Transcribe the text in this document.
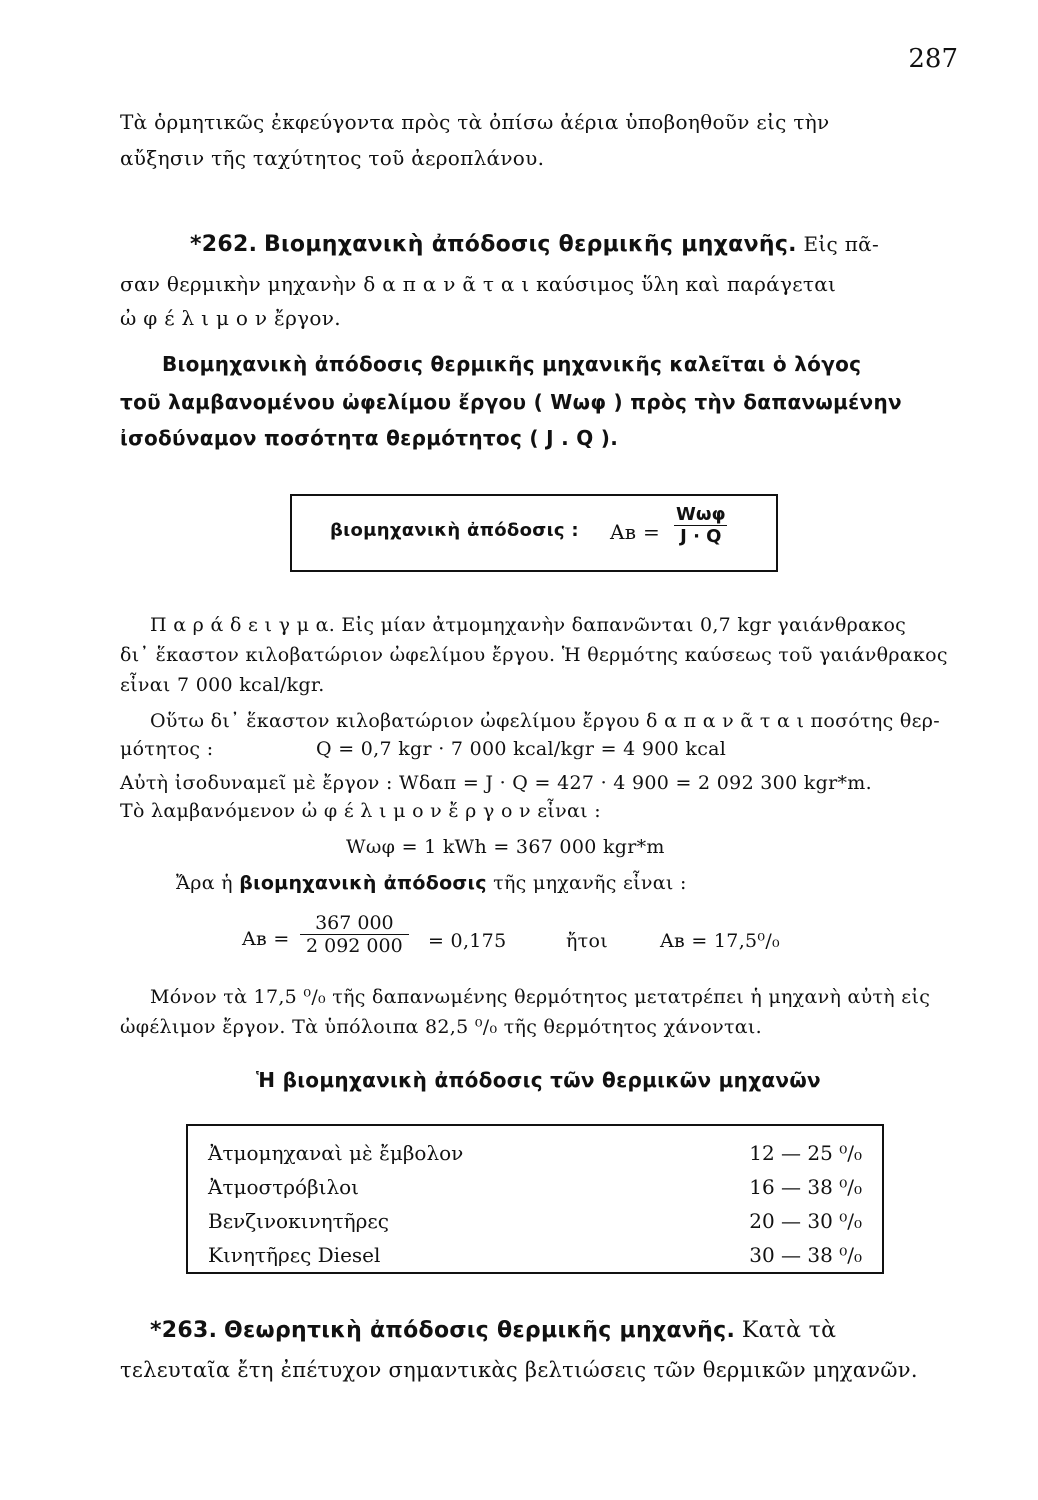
287
Τὰ ὁρμητικῶς ἐκφεύγοντα πρὸς τὰ ὀπίσω ἀέρια ὑποβοηθοῦν εἰς τὴν
αὔξησιν τῆς ταχύτητος τοῦ ἀεροπλάνου.
*262. Βιομηχανικὴ ἀπόδοσις θερμικῆς μηχανῆς. Εἰς πᾶ-
σαν θερμικὴν μηχανὴν δ α π α ν ᾶ τ α ι καύσιμος ὕλη καὶ παράγεται
ὠ φ έ λ ι μ ο ν ἔργον.
Βιομηχανικὴ ἀπόδοσις θερμικῆς μηχανικῆς καλεῖται ὁ λόγος
τοῦ λαμβανομένου ὠφελίμου ἔργου ( Wωφ ) πρὸς τὴν δαπανωμένην
ἰσοδύναμον ποσότητα θερμότητος ( J . Q ).
βιομηχανικὴ ἀπόδοσις : Aв =
Wωφ
J · Q
Π α ρ ά δ ε ι γ μ α. Εἰς μίαν ἀτμομηχανὴν δαπανῶνται 0,7 kgr γαιάνθρακος
δι᾿ ἕκαστον κιλοβατώριον ὠφελίμου ἔργου. Ἡ θερμότης καύσεως τοῦ γαιάνθρακος
εἶναι 7 000 kcal/kgr.
Οὕτω δι᾿ ἕκαστον κιλοβατώριον ὠφελίμου ἔργου δ α π α ν ᾶ τ α ι ποσότης θερ-
μότητος :	Q = 0,7 kgr · 7 000 kcal/kgr = 4 900 kcal
Αὐτὴ ἰσοδυναμεῖ μὲ ἔργον : Wδαπ = J · Q = 427 · 4 900 = 2 092 300 kgr*m.
Τὸ λαμβανόμενον ὠ φ έ λ ι μ ο ν ἔ ρ γ ο ν εἶναι :
Wωφ = 1 kWh = 367 000 kgr*m
Ἄρα ἡ βιομηχανικὴ ἀπόδοσις τῆς μηχανῆς εἶναι :
Aв = $\frac{367 000}{2 092 000} = 0,175$	ἤτοι	Aв = 17,5⁰/₀
Μόνον τὰ 17,5 ⁰/₀ τῆς δαπανωμένης θερμότητος μετατρέπει ἡ μηχανὴ αὐτὴ εἰς
ὠφέλιμον ἔργον. Τὰ ὑπόλοιπα 82,5 ⁰/₀ τῆς θερμότητος χάνονται.
Ἡ βιομηχανικὴ ἀπόδοσις τῶν θερμικῶν μηχανῶν
Ἀτμομηχαναὶ μὲ ἔμβολον	12 — 25 ⁰/₀
Ἀτμοστρόβιλοι	16 — 38 ⁰/₀
Βενζινοκινητῆρες	20 — 30 ⁰/₀
Κινητῆρες Diesel	30 — 38 ⁰/₀
*263. Θεωρητικὴ ἀπόδοσις θερμικῆς μηχανῆς. Κατὰ τὰ
τελευταῖα ἔτη ἐπέτυχον σημαντικὰς βελτιώσεις τῶν θερμικῶν μηχανῶν.
